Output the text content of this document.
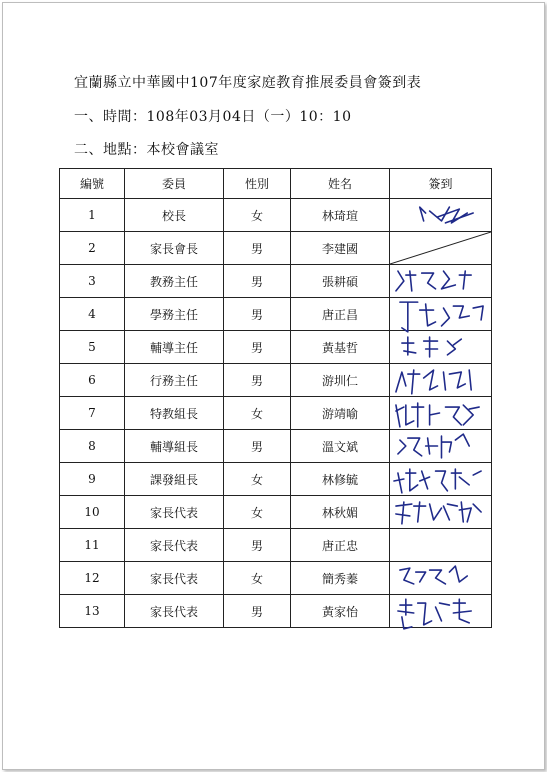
宜蘭縣立中華國中107年度家庭教育推展委員會簽到表
一、時間：108年03月04日（一）10：10
二、地點：本校會議室
編號	委員	性別	姓名	簽到
1	校長	女	林琦瑄	

2	家長會長	男	李建國	

3	教務主任	男	張耕碩	

4	學務主任	男	唐正昌	

5	輔導主任	男	黃基哲	

6	行務主任	男	游圳仁	

7	特教組長	女	游靖喻	

8	輔導組長	男	溫文斌	

9	課發組長	女	林修毓	

10	家長代表	女	林秋媚	

11	家長代表	男	唐正忠	
12	家長代表	女	簡秀蓁	

13	家長代表	男	黃家怡	
